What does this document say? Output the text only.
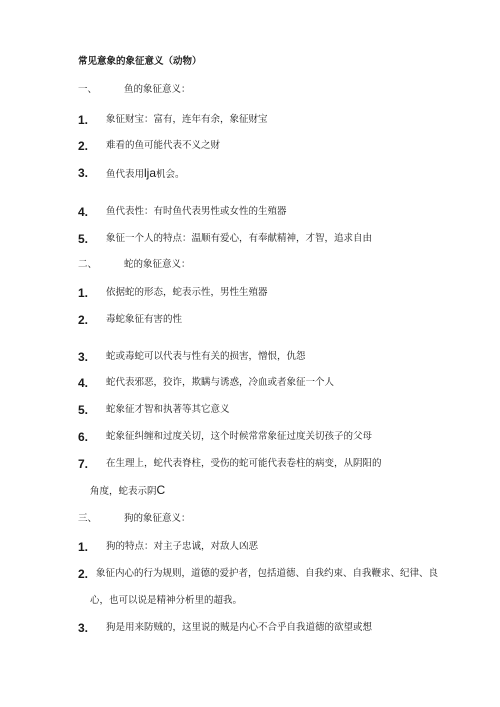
常见意象的象征意义（动物）
一、	鱼的象征意义：
1. 象征财宝：富有，连年有余，象征财宝
2. 难看的鱼可能代表不义之财
3. 鱼代表用lja机会。
4. 鱼代表性：有时鱼代表男性或女性的生殖器
5. 象征一个人的特点：温顺有爱心，有奉献精神，才智，追求自由
二、	蛇的象征意义：
1. 依据蛇的形态，蛇表示性，男性生殖器
2. 毒蛇象征有害的性
3. 蛇或毒蛇可以代表与性有关的损害，憎恨，仇怨
4. 蛇代表邪恶，狡诈，欺瞒与诱惑，冷血或者象征一个人
5. 蛇象征才智和执著等其它意义
6. 蛇象征纠缠和过度关切，这个时候常常象征过度关切孩子的父母
7. 在生理上，蛇代表脊柱，受伤的蛇可能代表卷柱的病变，从阴阳的
角度，蛇表示阴C
三、	狗的象征意义：
1. 狗的特点：对主子忠诚，对敌人凶恶
2. 象征内心的行为规则，道德的爱护者，包括道德、自我约束、自我鞭求、纪律、良
心，也可以说是精神分析里的超我。
3. 狗是用来防贼的，这里说的贼是内心不合乎自我道德的欲望或想
